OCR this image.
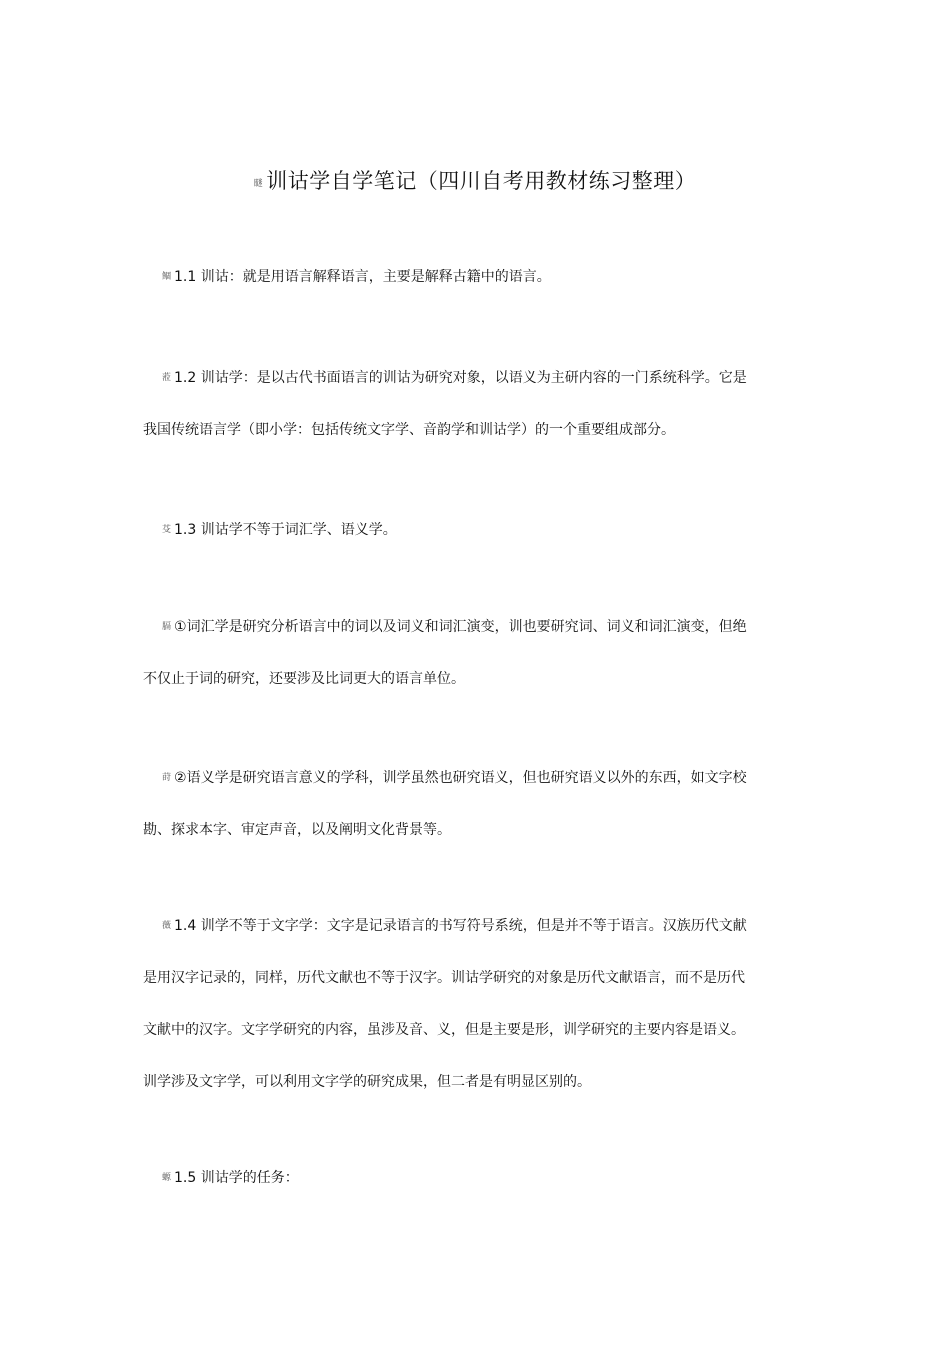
瞇 训诂学自学笔记（四川自考用教材练习整理）
鲴 1.1 训诂：就是用语言解释语言，主要是解释古籍中的语言。
蒞 1.2 训诂学：是以古代书面语言的训诂为研究对象，以语义为主研内容的一门系统科学。它是
我国传统语言学（即小学：包括传统文字学、音韵学和训诂学）的一个重要组成部分。
芟 1.3 训诂学不等于词汇学、语义学。
膈 ①词汇学是研究分析语言中的词以及词义和词汇演变，训也要研究词、词义和词汇演变，但绝
不仅止于词的研究，还要涉及比词更大的语言单位。
莳 ②语义学是研究语言意义的学科，训学虽然也研究语义，但也研究语义以外的东西，如文字校
勘、探求本字、审定声音，以及阐明文化背景等。
薇 1.4 训学不等于文字学：文字是记录语言的书写符号系统，但是并不等于语言。汉族历代文献
是用汉字记录的，同样，历代文献也不等于汉字。训诂学研究的对象是历代文献语言，而不是历代
文献中的汉字。文字学研究的内容，虽涉及音、义，但是主要是形，训学研究的主要内容是语义。
训学涉及文字学，可以利用文字学的研究成果，但二者是有明显区别的。
螈 1.5 训诂学的任务：
